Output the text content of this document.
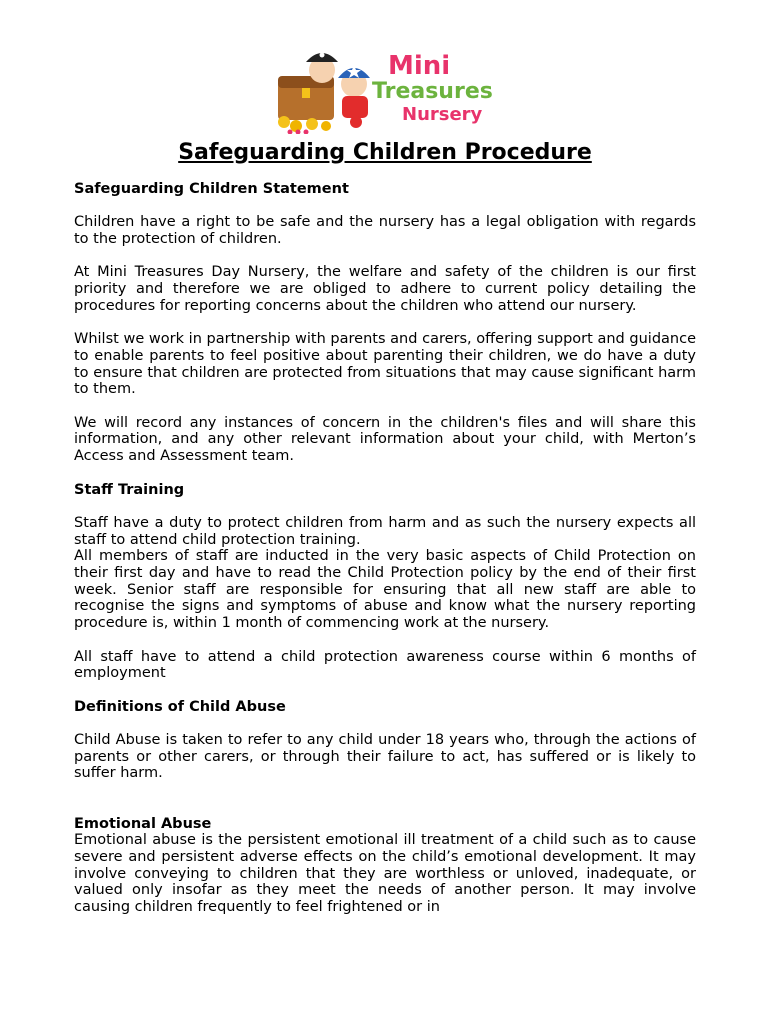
Mini
Treasures
Nursery
Safeguarding Children Procedure
Safeguarding Children Statement

Children have a right to be safe and the nursery has a legal obligation with regards to the protection of children.

At Mini Treasures Day Nursery, the welfare and safety of the children is our first priority and therefore we are obliged to adhere to current policy detailing the procedures for reporting concerns about the children who attend our nursery.

Whilst we work in partnership with parents and carers, offering support and guidance to enable parents to feel positive about parenting their children, we do have a duty to ensure that children are protected from situations that may cause significant harm to them.

We will record any instances of concern in the children's files and will share this information, and any other relevant information about your child, with Merton’s Access and Assessment team.

Staff Training

Staff have a duty to protect children from harm and as such the nursery expects all staff to attend child protection training.

All members of staff are inducted in the very basic aspects of Child Protection on their first day and have to read the Child Protection policy by the end of their first week. Senior staff are responsible for ensuring that all new staff are able to recognise the signs and symptoms of abuse and know what the nursery reporting procedure is, within 1 month of commencing work at the nursery.

All staff have to attend a child protection awareness course within 6 months of employment

Definitions of Child Abuse

Child Abuse is taken to refer to any child under 18 years who, through the actions of parents or other carers, or through their failure to act, has suffered or is likely to suffer harm.

Emotional Abuse

Emotional abuse is the persistent emotional ill treatment of a child such as to cause severe and persistent adverse effects on the child’s emotional development. It may involve conveying to children that they are worthless or unloved, inadequate, or valued only insofar as they meet the needs of another person. It may involve causing children frequently to feel frightened or in
